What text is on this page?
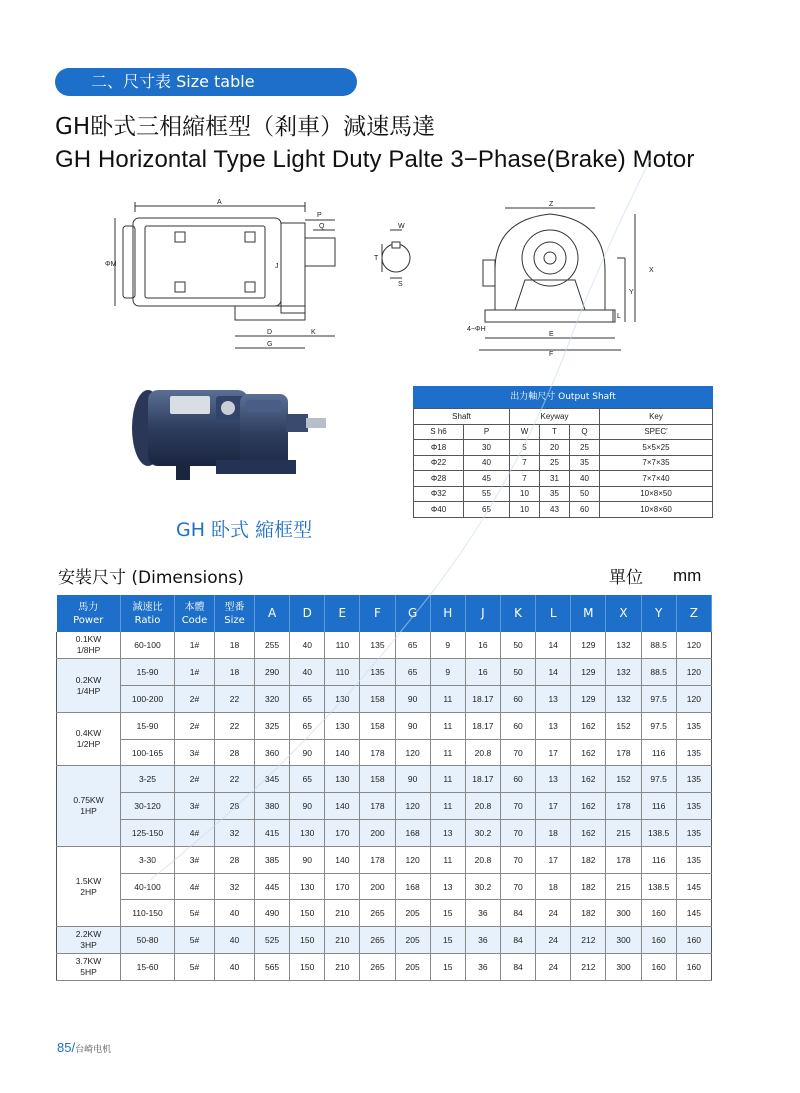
二、尺寸表 Size table
GH卧式三相縮框型（剎車）減速馬達
GH Horizontal Type Light Duty Palte 3−Phase(Brake) Motor
A
P
Q
ΦM	J
D
G
K
W
T
S
Z
X
Y
L
4−ΦH
E
F
GH 卧式 縮框型
出力軸尺寸 Output Shaft
Shaft		Keyway			Key
S h6	P	W	T	Q	SPEC'
Φ18	30	5	20	25	5×5×25
Φ22	40	7	25	35	7×7×35
Φ28	45	7	31	40	7×7×40
Φ32	55	10	35	50	10×8×50
Φ40	65	10	43	60	10×8×60
安裝尺寸 (Dimensions)	單位 mm
馬力
Power	減速比
Ratio	本體
Code	型番
Size	A	D	E	F	G	H	J	K	L	M	X	Y	Z
0.1KW
1/8HP	60-100	1#	18	255	40	110	135	65	9	16	50	14	129	132	88.5	120
0.2KW
1/4HP	15-90	1#	18	290	40	110	135	65	9	16	50	14	129	132	88.5	120
	100-200	2#	22	320	65	130	158	90	11	18.17	60	13	129	132	97.5	120
0.4KW
1/2HP	15-90	2#	22	325	65	130	158	90	11	18.17	60	13	162	152	97.5	135
	100-165	3#	28	360	90	140	178	120	11	20.8	70	17	162	178	116	135
0.75KW
1HP	3-25	2#	22	345	65	130	158	90	11	18.17	60	13	162	152	97.5	135
	30-120	3#	28	380	90	140	178	120	11	20.8	70	17	162	178	116	135
	125-150	4#	32	415	130	170	200	168	13	30.2	70	18	162	215	138.5	135
1.5KW
2HP	3-30	3#	28	385	90	140	178	120	11	20.8	70	17	182	178	116	135
	40-100	4#	32	445	130	170	200	168	13	30.2	70	18	182	215	138.5	145
	110-150	5#	40	490	150	210	265	205	15	36	84	24	182	300	160	145
2.2KW
3HP	50-80	5#	40	525	150	210	265	205	15	36	84	24	212	300	160	160
3.7KW
5HP	15-60	5#	40	565	150	210	265	205	15	36	84	24	212	300	160	160
85/台崎电机
